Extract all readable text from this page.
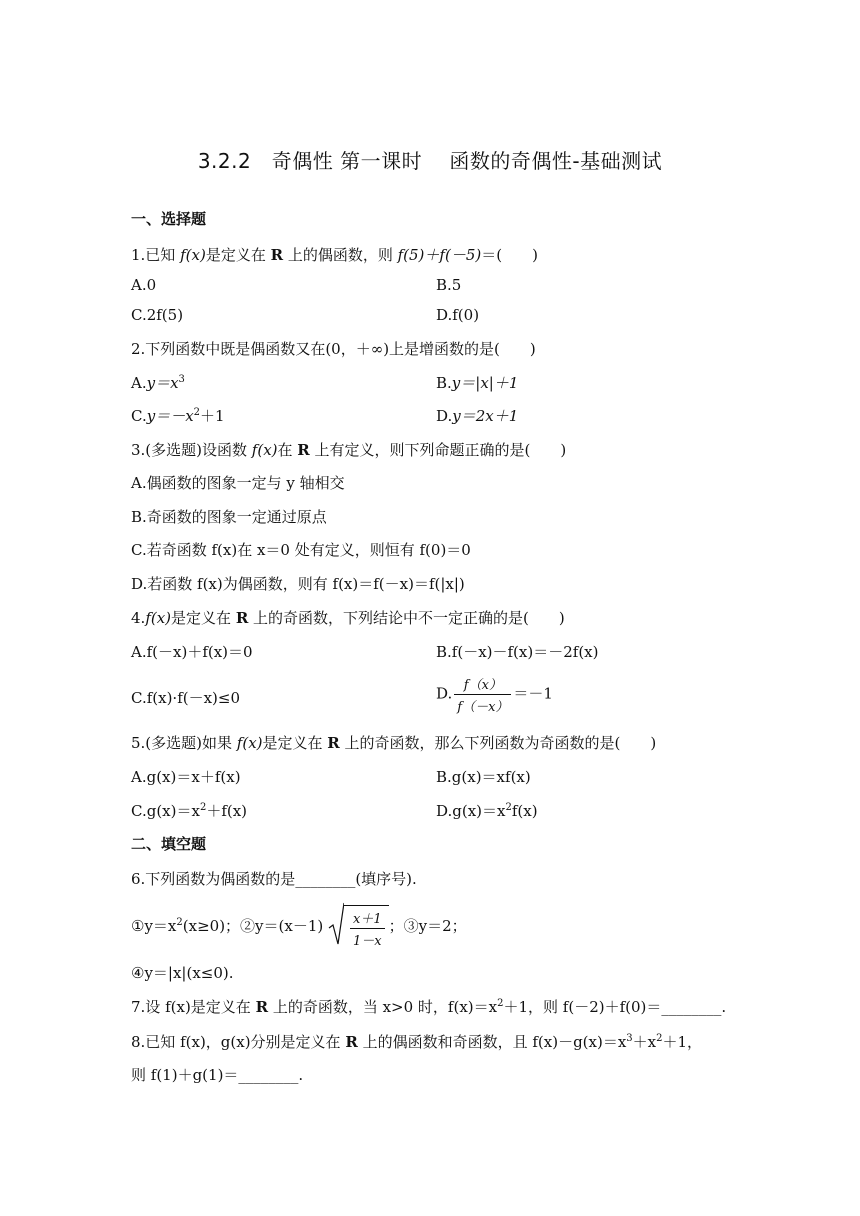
3.2.2　奇偶性 第一课时　 函数的奇偶性-基础测试
一、选择题
1.已知 f(x)是定义在 R 上的偶函数，则 f(5)＋f(－5)＝(　　)
A.0	B.5
C.2f(5)	D.f(0)
2.下列函数中既是偶函数又在(0，＋∞)上是增函数的是(　　)
$A.y=x^3$	B.y＝|x|＋1
$C.y=-x^2+1$	D.y＝2x＋1
3.(多选题)设函数 f(x)在 R 上有定义，则下列命题正确的是(　　)
A.偶函数的图象一定与 y 轴相交
B.奇函数的图象一定通过原点
C.若奇函数 f(x)在 x＝0 处有定义，则恒有 f(0)＝0
D.若函数 f(x)为偶函数，则有 f(x)＝f(－x)＝f(|x|)
4.f(x)是定义在 R 上的奇函数，下列结论中不一定正确的是(　　)
A.f(－x)＋f(x)＝0	B.f(－x)－f(x)＝－2f(x)
C.f(x)·f(－x)≤0	D. $\frac{f(x)}{f(-x)} =-1$
5.(多选题)如果 f(x)是定义在 R 上的奇函数，那么下列函数为奇函数的是(　　)
A.g(x)＝x＋f(x)	B.g(x)＝xf(x)
$C.g(x)=x^2+f(x)$	$D.g(x)=x^2f(x)$
二、填空题
6.下列函数为偶函数的是________(填序号).
$①y=x^2(x\ge 0)$；②y＝(x－1) $\frac{x+1}{1-x}$ ；③y＝2；
④y＝|x|(x≤0).
7.设 f(x)是定义在 R 上的奇函数，当 x>0 时，$f(x)=x^2+1$，则 f(－2)＋f(0)＝________.
8.已知 f(x)，g(x)分别是定义在 R 上的偶函数和奇函数，且 $f(x)-g(x)=x^3+x^2+1$，
则 f(1)＋g(1)＝________.
